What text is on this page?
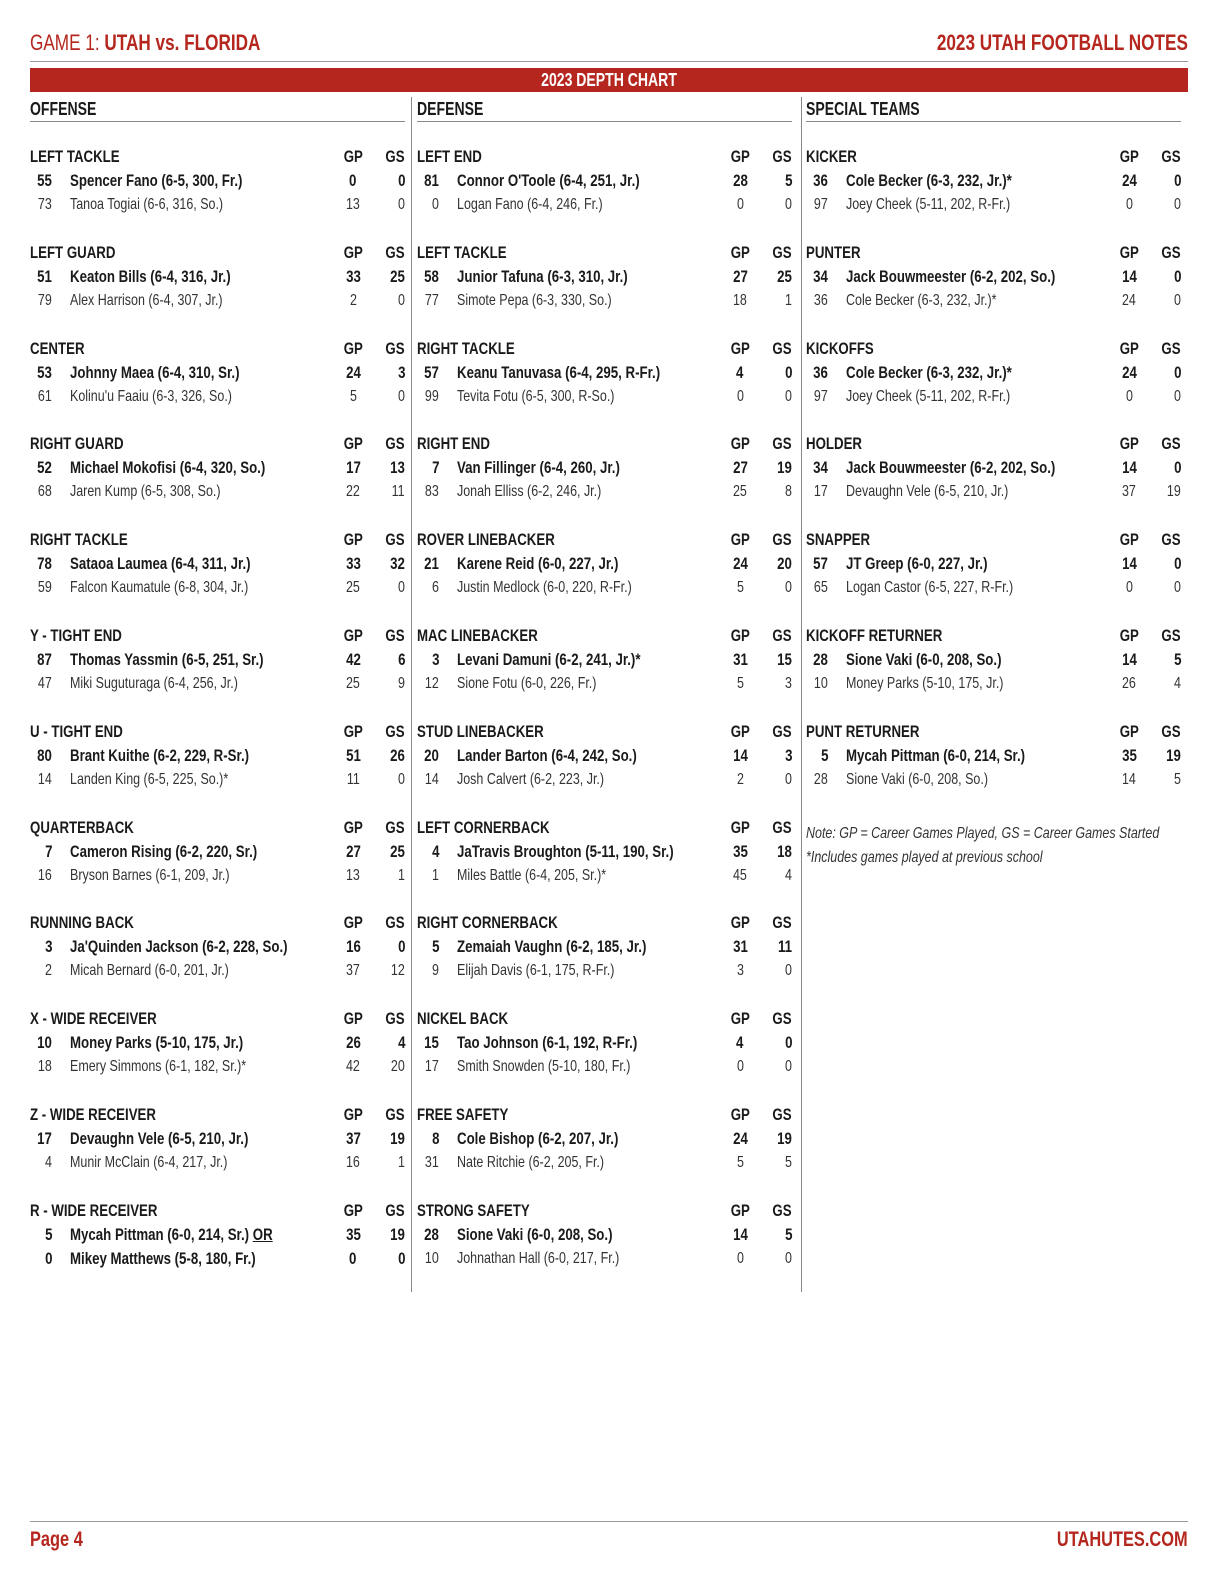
GAME 1: UTAH vs. FLORIDA	2023 UTAH FOOTBALL NOTES
2023 DEPTH CHART
OFFENSE
LEFT TACKLE	GP	GS
55 Spencer Fano (6-5, 300, Fr.)	0	0
73 Tanoa Togiai (6-6, 316, So.)	13	0
LEFT GUARD	GP	GS
51 Keaton Bills (6-4, 316, Jr.)	33	25
79 Alex Harrison (6-4, 307, Jr.)	2	0
CENTER	GP	GS
53 Johnny Maea (6-4, 310, Sr.)	24	3
61 Kolinu'u Faaiu (6-3, 326, So.)	5	0
RIGHT GUARD	GP	GS
52 Michael Mokofisi (6-4, 320, So.)	17	13
68 Jaren Kump (6-5, 308, So.)	22	11
RIGHT TACKLE	GP	GS
78 Sataoa Laumea (6-4, 311, Jr.)	33	32
59 Falcon Kaumatule (6-8, 304, Jr.)	25	0
Y - TIGHT END	GP	GS
87 Thomas Yassmin (6-5, 251, Sr.)	42	6
47 Miki Suguturaga (6-4, 256, Jr.)	25	9
U - TIGHT END	GP	GS
80 Brant Kuithe (6-2, 229, R-Sr.)	51	26
14 Landen King (6-5, 225, So.)*	11	0
QUARTERBACK	GP	GS
7 Cameron Rising (6-2, 220, Sr.)	27	25
16 Bryson Barnes (6-1, 209, Jr.)	13	1
RUNNING BACK	GP	GS
3 Ja'Quinden Jackson (6-2, 228, So.)	16	0
2 Micah Bernard (6-0, 201, Jr.)	37	12
X - WIDE RECEIVER	GP	GS
10 Money Parks (5-10, 175, Jr.)	26	4
18 Emery Simmons (6-1, 182, Sr.)*	42	20
Z - WIDE RECEIVER	GP	GS
17 Devaughn Vele (6-5, 210, Jr.)	37	19
4 Munir McClain (6-4, 217, Jr.)	16	1
R - WIDE RECEIVER	GP	GS
5 Mycah Pittman (6-0, 214, Sr.) OR	35	19
0 Mikey Matthews (5-8, 180, Fr.)	0	0
DEFENSE
LEFT END	GP	GS
81 Connor O'Toole (6-4, 251, Jr.)	28	5
0 Logan Fano (6-4, 246, Fr.)	0	0
LEFT TACKLE	GP	GS
58 Junior Tafuna (6-3, 310, Jr.)	27	25
77 Simote Pepa (6-3, 330, So.)	18	1
RIGHT TACKLE	GP	GS
57 Keanu Tanuvasa (6-4, 295, R-Fr.)	4	0
99 Tevita Fotu (6-5, 300, R-So.)	0	0
RIGHT END	GP	GS
7 Van Fillinger (6-4, 260, Jr.)	27	19
83 Jonah Elliss (6-2, 246, Jr.)	25	8
ROVER LINEBACKER	GP	GS
21 Karene Reid (6-0, 227, Jr.)	24	20
6 Justin Medlock (6-0, 220, R-Fr.)	5	0
MAC LINEBACKER	GP	GS
3 Levani Damuni (6-2, 241, Jr.)*	31	15
12 Sione Fotu (6-0, 226, Fr.)	5	3
STUD LINEBACKER	GP	GS
20 Lander Barton (6-4, 242, So.)	14	3
14 Josh Calvert (6-2, 223, Jr.)	2	0
LEFT CORNERBACK	GP	GS
4 JaTravis Broughton (5-11, 190, Sr.)	35	18
1 Miles Battle (6-4, 205, Sr.)*	45	4
RIGHT CORNERBACK	GP	GS
5 Zemaiah Vaughn (6-2, 185, Jr.)	31	11
9 Elijah Davis (6-1, 175, R-Fr.)	3	0
NICKEL BACK	GP	GS
15 Tao Johnson (6-1, 192, R-Fr.)	4	0
17 Smith Snowden (5-10, 180, Fr.)	0	0
FREE SAFETY	GP	GS
8 Cole Bishop (6-2, 207, Jr.)	24	19
31 Nate Ritchie (6-2, 205, Fr.)	5	5
STRONG SAFETY	GP	GS
28 Sione Vaki (6-0, 208, So.)	14	5
10 Johnathan Hall (6-0, 217, Fr.)	0	0
SPECIAL TEAMS
KICKER	GP	GS
36 Cole Becker (6-3, 232, Jr.)*	24	0
97 Joey Cheek (5-11, 202, R-Fr.)	0	0
PUNTER	GP	GS
34 Jack Bouwmeester (6-2, 202, So.)	14	0
36 Cole Becker (6-3, 232, Jr.)*	24	0
KICKOFFS	GP	GS
36 Cole Becker (6-3, 232, Jr.)*	24	0
97 Joey Cheek (5-11, 202, R-Fr.)	0	0
HOLDER	GP	GS
34 Jack Bouwmeester (6-2, 202, So.)	14	0
17 Devaughn Vele (6-5, 210, Jr.)	37	19
SNAPPER	GP	GS
57 JT Greep (6-0, 227, Jr.)	14	0
65 Logan Castor (6-5, 227, R-Fr.)	0	0
KICKOFF RETURNER	GP	GS
28 Sione Vaki (6-0, 208, So.)	14	5
10 Money Parks (5-10, 175, Jr.)	26	4
PUNT RETURNER	GP	GS
5 Mycah Pittman (6-0, 214, Sr.)	35	19
28 Sione Vaki (6-0, 208, So.)	14	5
Note: GP = Career Games Played, GS = Career Games Started
*Includes games played at previous school
Page 4	UTAHUTES.COM
